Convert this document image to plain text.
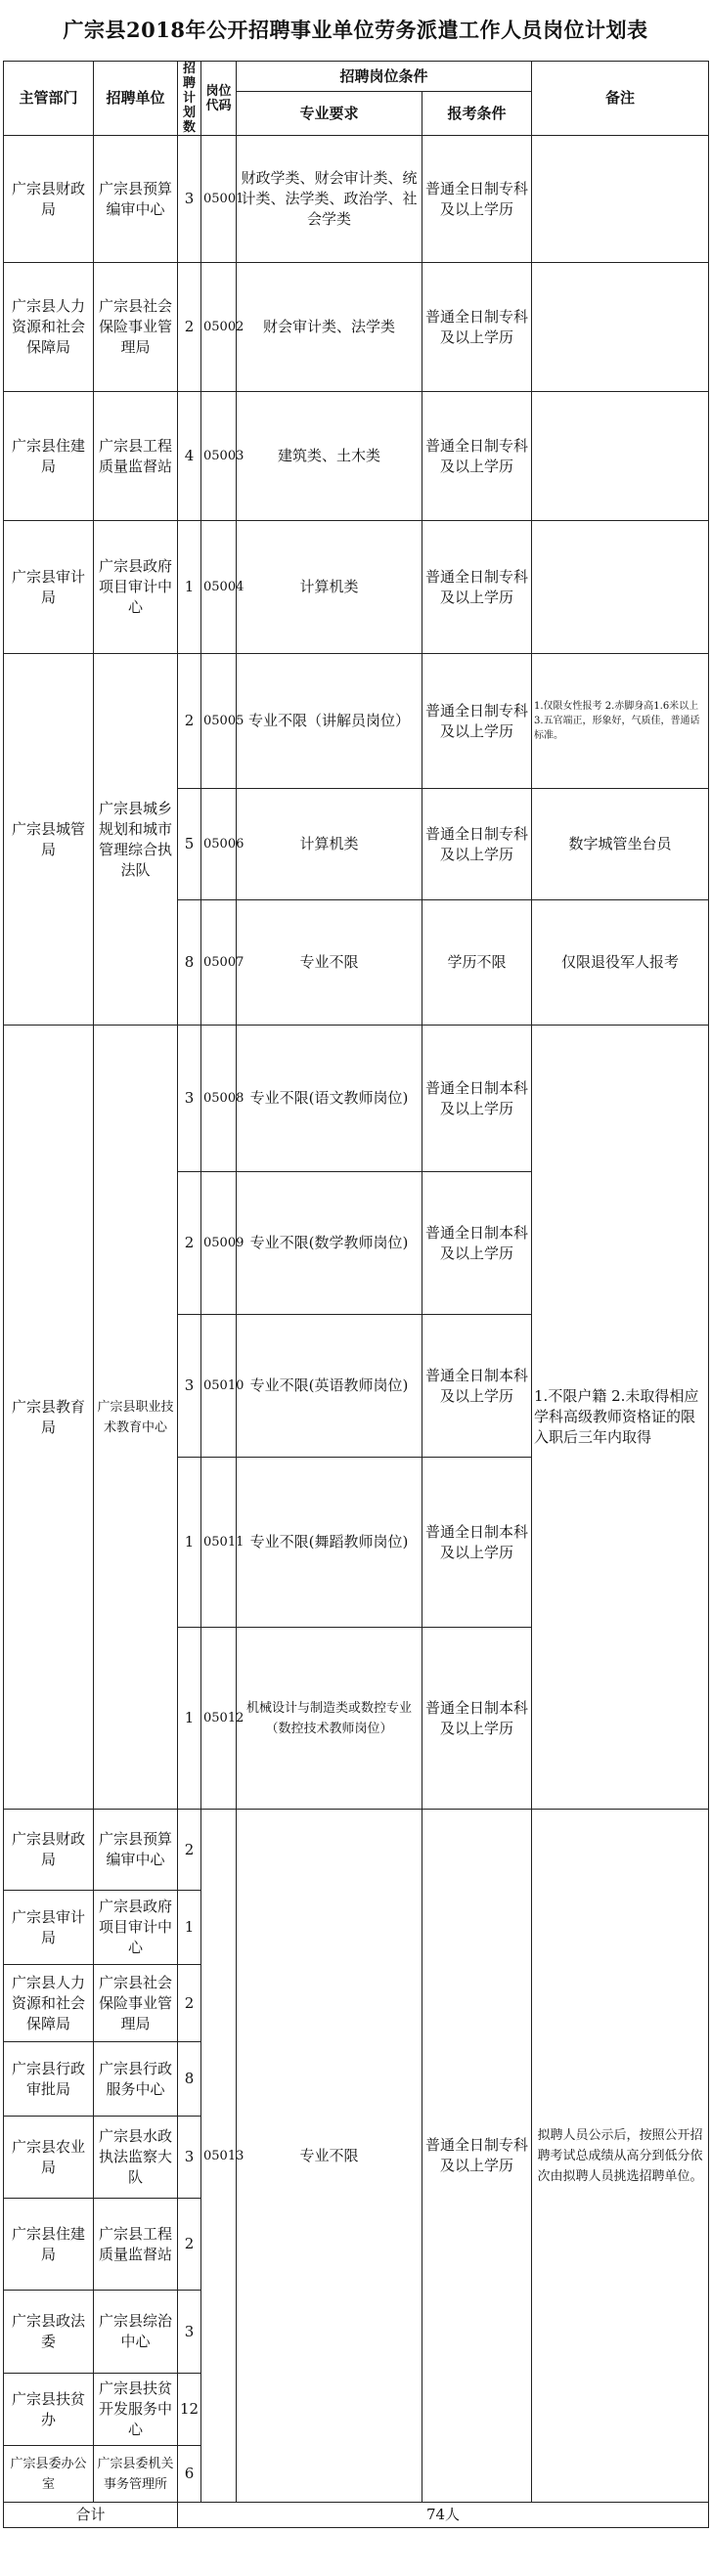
广宗县2018年公开招聘事业单位劳务派遣工作人员岗位计划表
主管部门	招聘单位	招聘计划数	岗位代码	招聘岗位条件		备注
				专业要求	报考条件	
广宗县财政局	广宗县预算编审中心	3	05001	财政学类、财会审计类、统计类、法学类、政治学、社会学类	普通全日制专科及以上学历	
广宗县人力资源和社会保障局	广宗县社会保险事业管理局	2	05002	财会审计类、法学类	普通全日制专科及以上学历	
广宗县住建局	广宗县工程质量监督站	4	05003	建筑类、土木类	普通全日制专科及以上学历	
广宗县审计局	广宗县政府项目审计中心	1	05004	计算机类	普通全日制专科及以上学历	
广宗县城管局	广宗县城乡规划和城市管理综合执法队	2	05005	专业不限（讲解员岗位）	普通全日制专科及以上学历	1.仅限女性报考 2.赤脚身高1.6米以上 3.五官端正，形象好，气质佳，普通话标准。
		5	05006	计算机类	普通全日制专科及以上学历	数字城管坐台员
		8	05007	专业不限	学历不限	仅限退役军人报考
广宗县教育局	广宗县职业技术教育中心	3	05008	专业不限(语文教师岗位)	普通全日制本科及以上学历	1.不限户籍 2.未取得相应学科高级教师资格证的限入职后三年内取得
		2	05009	专业不限(数学教师岗位)	普通全日制本科及以上学历	
		3	05010	专业不限(英语教师岗位)	普通全日制本科及以上学历	
		1	05011	专业不限(舞蹈教师岗位)	普通全日制本科及以上学历	
		1	05012	机械设计与制造类或数控专业（数控技术教师岗位）	普通全日制本科及以上学历	
广宗县财政局	广宗县预算编审中心	2	05013	专业不限	普通全日制专科及以上学历	拟聘人员公示后，按照公开招聘考试总成绩从高分到低分依次由拟聘人员挑选招聘单位。
广宗县审计局	广宗县政府项目审计中心	1				
广宗县人力资源和社会保障局	广宗县社会保险事业管理局	2				
广宗县行政审批局	广宗县行政服务中心	8				
广宗县农业局	广宗县水政执法监察大队	3				
广宗县住建局	广宗县工程质量监督站	2				
广宗县政法委	广宗县综治中心	3				
广宗县扶贫办	广宗县扶贫开发服务中心	12				
广宗县委办公室	广宗县委机关事务管理所	6				
合计		74人				
